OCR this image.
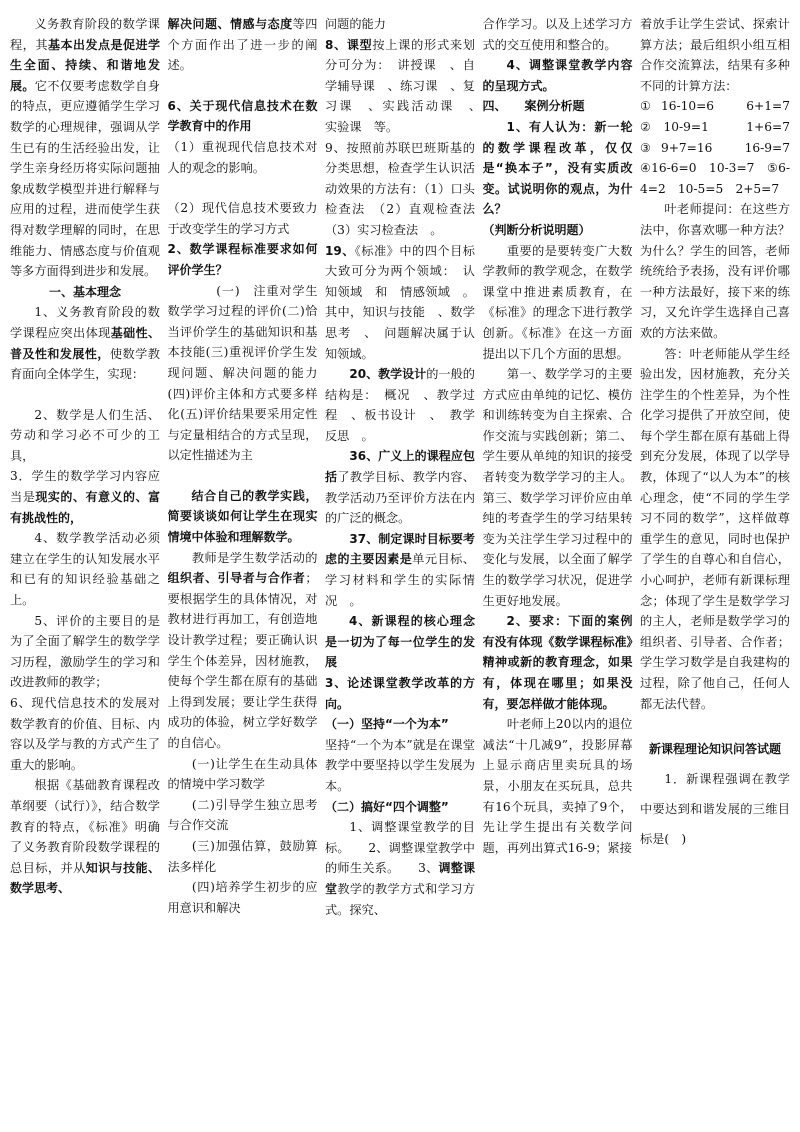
义务教育阶段的数学课程，其基本出发点是促进学生全面、持续、和谐地发展。它不仅要考虑数学自身的特点，更应遵循学生学习数学的心理规律，强调从学生已有的生活经验出发，让学生亲身经历将实际问题抽象成数学模型并进行解释与应用的过程，进而使学生获得对数学理解的同时，在思维能力、情感态度与价值观等多方面得到进步和发展。

一、基本理念

1、义务教育阶段的数学课程应突出体现基础性、普及性和发展性，使数学教育面向全体学生，实现：

2、数学是人们生活、劳动和学习必不可少的工具，

3．学生的数学学习内容应当是现实的、有意义的、富有挑战性的，

4、数学教学活动必须建立在学生的认知发展水平和已有的知识经验基础之上。

5、评价的主要目的是为了全面了解学生的数学学习历程，激励学生的学习和改进教师的教学；

6、现代信息技术的发展对数学教育的价值、目标、内容以及学与教的方式产生了重大的影响。

根据《基础教育课程改革纲要（试行）》，结合数学教育的特点，《标准》明确了义务教育阶段数学课程的总目标，并从知识与技能、数学思考、

解决问题、情感与态度等四个方面作出了进一步的阐述。

6、关于现代信息技术在数学教育中的作用

（1）重视现代信息技术对人的观念的影响。

（2）现代信息技术要致力于改变学生的学习方式

2、数学课程标准要求如何评价学生？

(一)　注重对学生数学学习过程的评价(二)恰当评价学生的基础知识和基本技能(三)重视评价学生发现问题、解决问题的能力　(四)评价主体和方式要多样化(五)评价结果要采用定性与定量相结合的方式呈现，以定性描述为主

结合自己的教学实践，简要谈谈如何让学生在现实情境中体验和理解数学。

教师是学生数学活动的组织者、引导者与合作者；要根据学生的具体情况，对教材进行再加工，有创造地设计教学过程；要正确认识学生个体差异，因材施教，使每个学生都在原有的基础上得到发展；要让学生获得成功的体验，树立学好数学的自信心。

(一)让学生在生动具体的情境中学习数学

(二)引导学生独立思考与合作交流

(三)加强估算，鼓励算法多样化

(四)培养学生初步的应用意识和解决

问题的能力

8、课型按上课的形式来划分可分为：　讲授课　、自学辅导课　、练习课　、复习课　、实践活动课　、　实验课　等。

9、按照前苏联巴班斯基的分类思想，检查学生认识活动效果的方法有：（1）口头检查法　（2）直观检查法　　（3）实习检查法　。

19、《标准》中的四个目标大致可分为两个领域：　认知领域　和　情感领域　。其中，知识与技能　、数学思考　、　问题解决属于认知领域。

20、教学设计的一般的结构是：　概况　、教学过程　、板书设计　、　教学反思　。

36、广义上的课程应包括了教学目标、教学内容、教学活动乃至评价方法在内　的广泛的概念。

37、制定课时目标要考虑的主要因素是单元目标、学习材料和学生的实际情况　。

4、新课程的核心理念是一切为了每一位学生的发展

3、论述课堂教学改革的方向。

（一）坚持“一个为本”

坚持“一个为本”就是在课堂教学中要坚持以学生发展为本。

（二）搞好“四个调整”

1、调整课堂教学的目标。　　2、调整课堂教学中的师生关系。　　3、调整课堂教学的教学方式和学习方式。探究、

合作学习。以及上述学习方式的交互使用和整合的。

4、调整课堂教学内容的呈现方式。

四、　　案例分析题

1、有人认为：新一轮的数学课程改革，仅仅是“换本子”，没有实质改变。试说明你的观点，为什么？

（判断分析说明题）

重要的是要转变广大数学教师的教学观念，在数学课堂中推进素质教育，在《标准》的理念下进行教学创新。《标准》在这一方面提出以下几个方面的思想。

第一、数学学习的主要方式应由单纯的记忆、模仿和训练转变为自主探索、合作交流与实践创新；第二、学生要从单纯的知识的接受者转变为数学学习的主人。第三、数学学习评价应由单纯的考查学生的学习结果转变为关注学生学习过程中的变化与发展，以全面了解学生的数学学习状况，促进学生更好地发展。

2、要求：下面的案例有没有体现《数学课程标准》精神或新的教育理念，如果有，体现在哪里；如果没有，要怎样做才能体现。

叶老师上20以内的退位减法“十几减9”，投影屏幕上显示商店里卖玩具的场景，小朋友在买玩具，总共有16个玩具，卖掉了9个，先让学生提出有关数学问题，再列出算式16-9；紧接

着放手让学生尝试、探索计算方法；最后组织小组互相合作交流算法，结果有多种不同的计算方法：

①16-10=6　6+1=7　②10-9=1　1+6=7　③9+7=16　16-9=7　④16-6=0　10-3=7　⑤6-4=2　10-5=5　2+5=7

叶老师提问：在这些方法中，你喜欢哪一种方法？为什么？学生的回答，老师统统给予表扬，没有评价哪一种方法最好，接下来的练习，又允许学生选择自己喜欢的方法来做。

答：叶老师能从学生经验出发，因材施教，充分关注学生的个性差异，为个性化学习提供了开放空间，使每个学生都在原有基础上得到充分发展，体现了以学导教，体现了“以人为本”的核心理念，使“不同的学生学习不同的数学”，这样做尊重学生的意见，同时也保护了学生的自尊心和自信心，小心呵护，老师有新课标理念；体现了学生是数学学习的主人，老师是数学学习的组织者、引导者、合作者；学生学习数学是自我建构的过程，除了他自己，任何人都无法代替。

新课程理论知识问答试题

1．新课程强调在教学中要达到和谐发展的三维目标是(　)
